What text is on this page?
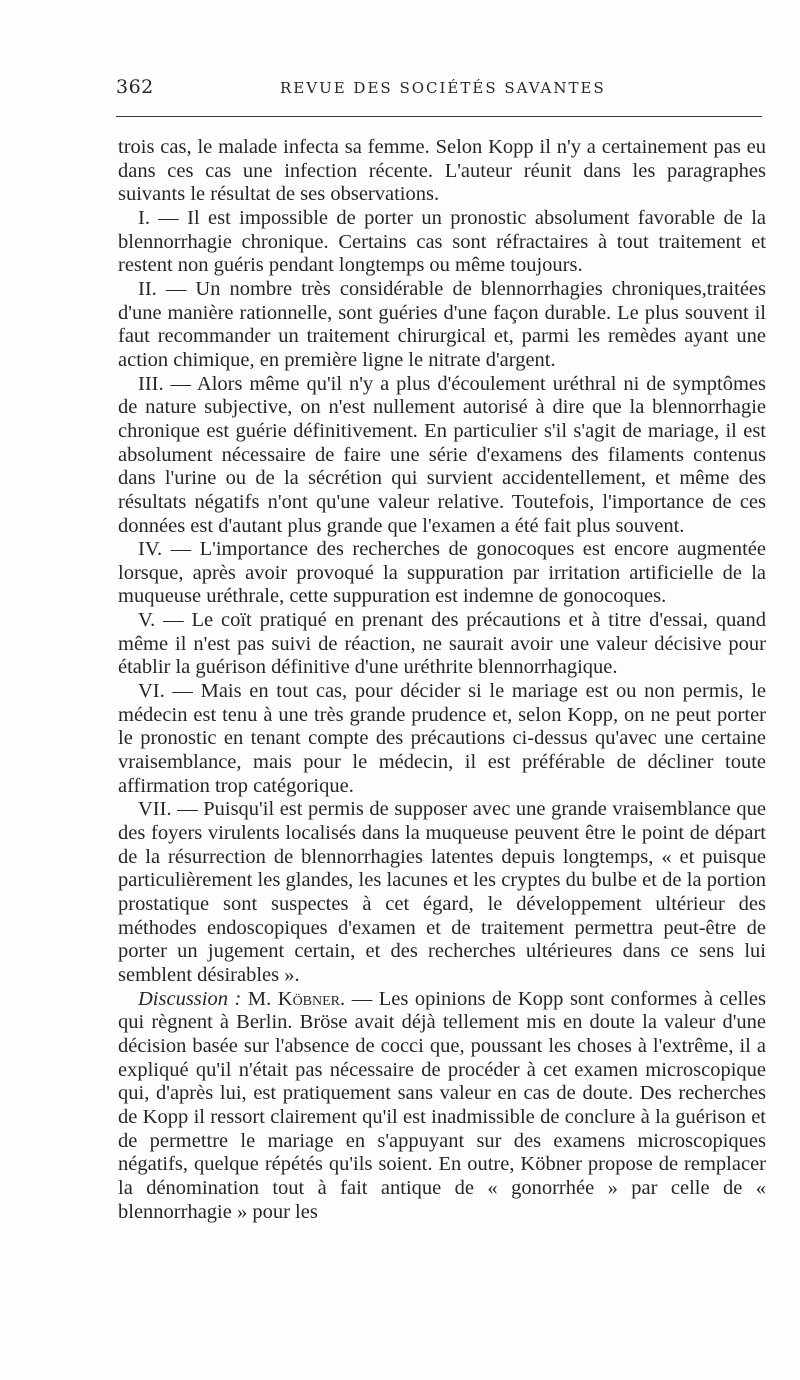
362	REVUE DES SOCIÉTÉS SAVANTES

trois cas, le malade infecta sa femme. Selon Kopp il n'y a certainement pas eu dans ces cas une infection récente. L'auteur réunit dans les paragraphes suivants le résultat de ses observations.

I. — Il est impossible de porter un pronostic absolument favorable de la blennorrhagie chronique. Certains cas sont réfractaires à tout traitement et restent non guéris pendant longtemps ou même toujours.

II. — Un nombre très considérable de blennorrhagies chroniques,traitées d'une manière rationnelle, sont guéries d'une façon durable. Le plus souvent il faut recommander un traitement chirurgical et, parmi les remèdes ayant une action chimique, en première ligne le nitrate d'argent.

III. — Alors même qu'il n'y a plus d'écoulement uréthral ni de symptômes de nature subjective, on n'est nullement autorisé à dire que la blennorrhagie chronique est guérie définitivement. En particulier s'il s'agit de mariage, il est absolument nécessaire de faire une série d'examens des filaments contenus dans l'urine ou de la sécrétion qui survient accidentellement, et même des résultats négatifs n'ont qu'une valeur relative. Toutefois, l'importance de ces données est d'autant plus grande que l'examen a été fait plus souvent.

IV. — L'importance des recherches de gonocoques est encore augmentée lorsque, après avoir provoqué la suppuration par irritation artificielle de la muqueuse uréthrale, cette suppuration est indemne de gonocoques.

V. — Le coït pratiqué en prenant des précautions et à titre d'essai, quand même il n'est pas suivi de réaction, ne saurait avoir une valeur décisive pour établir la guérison définitive d'une uréthrite blennorrhagique.

VI. — Mais en tout cas, pour décider si le mariage est ou non permis, le médecin est tenu à une très grande prudence et, selon Kopp, on ne peut porter le pronostic en tenant compte des précautions ci-dessus qu'avec une certaine vraisemblance, mais pour le médecin, il est préférable de décliner toute affirmation trop catégorique.

VII. — Puisqu'il est permis de supposer avec une grande vraisemblance que des foyers virulents localisés dans la muqueuse peuvent être le point de départ de la résurrection de blennorrhagies latentes depuis longtemps, « et puisque particulièrement les glandes, les lacunes et les cryptes du bulbe et de la portion prostatique sont suspectes à cet égard, le développement ultérieur des méthodes endoscopiques d'examen et de traitement permettra peut-être de porter un jugement certain, et des recherches ultérieures dans ce sens lui semblent désirables ».

Discussion : M. Köbner. — Les opinions de Kopp sont conformes à celles qui règnent à Berlin. Bröse avait déjà tellement mis en doute la valeur d'une décision basée sur l'absence de cocci que, poussant les choses à l'extrême, il a expliqué qu'il n'était pas nécessaire de procéder à cet examen microscopique qui, d'après lui, est pratiquement sans valeur en cas de doute. Des recherches de Kopp il ressort clairement qu'il est inadmissible de conclure à la guérison et de permettre le mariage en s'appuyant sur des examens microscopiques négatifs, quelque répétés qu'ils soient. En outre, Köbner propose de remplacer la dénomination tout à fait antique de « gonorrhée » par celle de « blennorrhagie » pour les
